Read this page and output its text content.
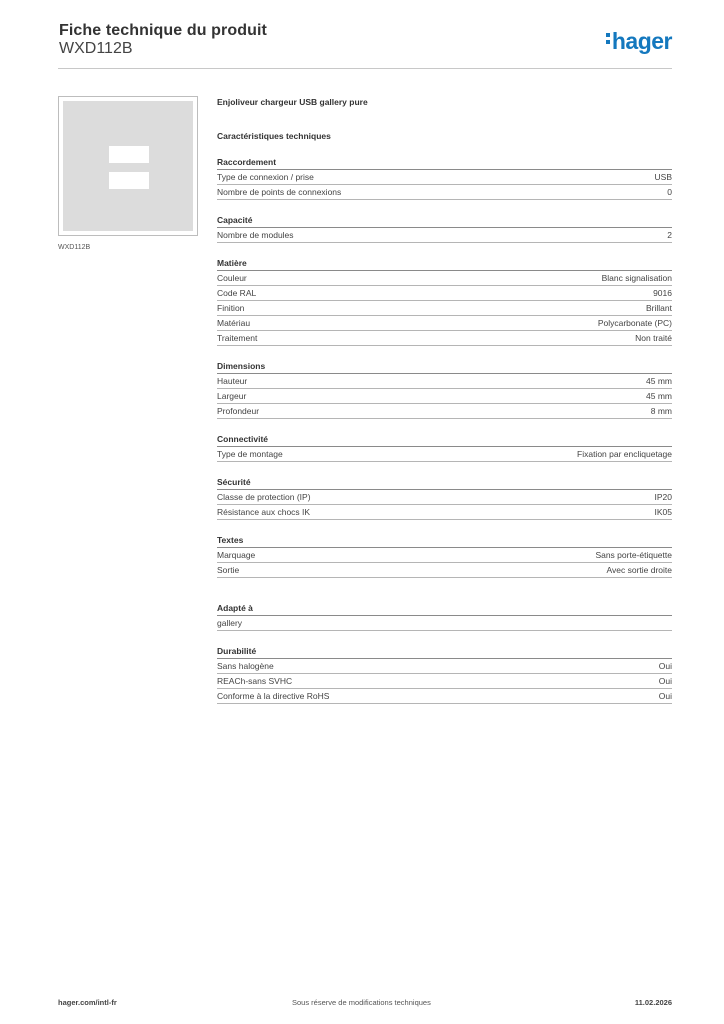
Fiche technique du produit
WXD112B	hager
WXD112B
Enjoliveur chargeur USB gallery pure
Caractéristiques techniques
Raccordement
Type de connexion / prise	USB
Nombre de points de connexions	0
Capacité
Nombre de modules	2
Matière
Couleur	Blanc signalisation
Code RAL	9016
Finition	Brillant
Matériau	Polycarbonate (PC)
Traitement	Non traité
Dimensions
Hauteur	45 mm
Largeur	45 mm
Profondeur	8 mm
Connectivité
Type de montage	Fixation par encliquetage
Sécurité
Classe de protection (IP)	IP20
Résistance aux chocs IK	IK05
Textes
Marquage	Sans porte-étiquette
Sortie	Avec sortie droite
Adapté à
gallery
Durabilité
Sans halogène	Oui
REACh-sans SVHC	Oui
Conforme à la directive RoHS	Oui
hager.com/intl-fr	Sous réserve de modifications techniques	11.02.2026
